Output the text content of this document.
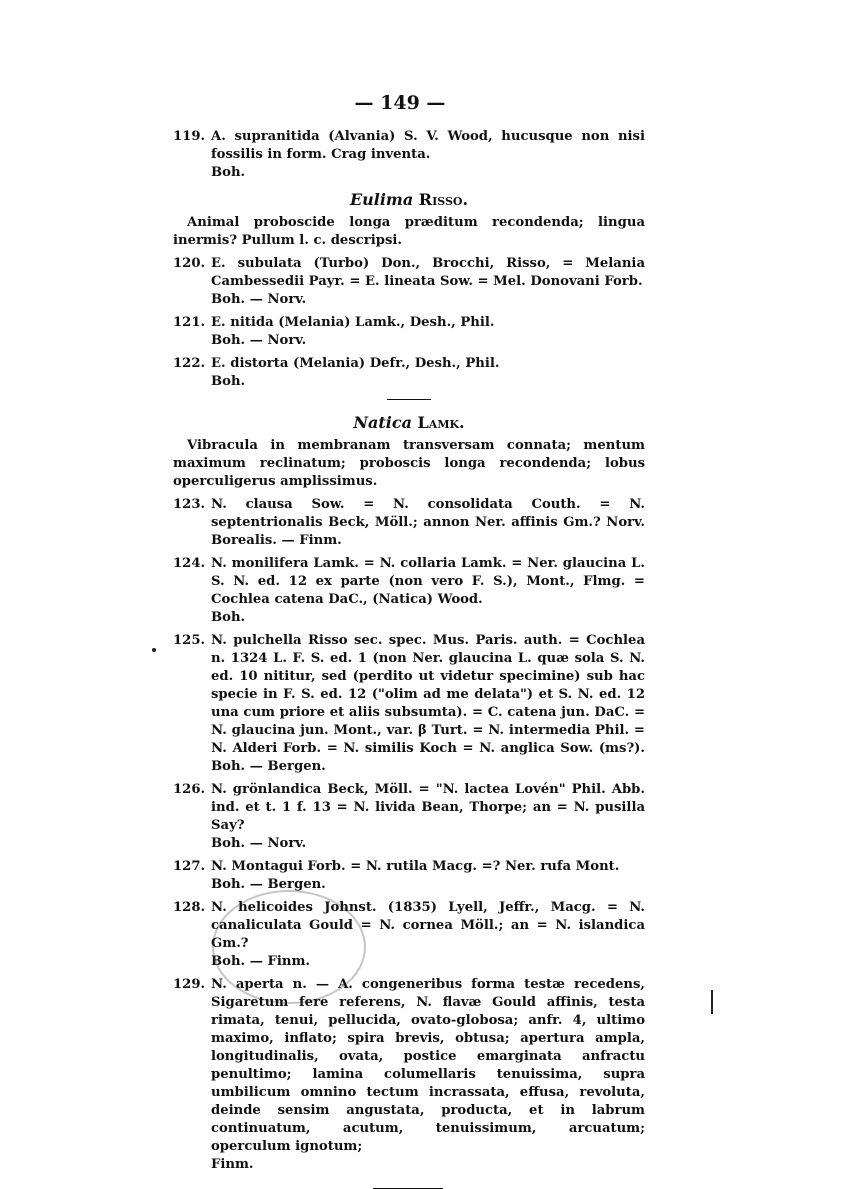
— 149 —
119. A. supranitida (Alvania) S. V. Wood, hucusque non nisi fossilis in form. Crag inventa.

Boh.

Eulima Risso.

Animal proboscide longa præditum recondenda; lingua inermis? Pullum l. c. descripsi.

120. E. subulata (Turbo) Don., Brocchi, Risso, = Melania Cambessedii Payr. = E. lineata Sow. = Mel. Donovani Forb.

Boh. — Norv.

121. E. nitida (Melania) Lamk., Desh., Phil.

Boh. — Norv.

122. E. distorta (Melania) Defr., Desh., Phil.

Boh.

Natica Lamk.

Vibracula in membranam transversam connata; mentum maximum reclinatum; proboscis longa recondenda; lobus operculigerus amplissimus.

123. N. clausa Sow. = N. consolidata Couth. = N. septentrionalis Beck, Möll.; annon Ner. affinis Gm.? Norv. Borealis. — Finm.

124. N. monilifera Lamk. = N. collaria Lamk. = Ner. glaucina L. S. N. ed. 12 ex parte (non vero F. S.), Mont., Flmg. = Cochlea catena DaC., (Natica) Wood.

Boh.

125. N. pulchella Risso sec. spec. Mus. Paris. auth. = Cochlea n. 1324 L. F. S. ed. 1 (non Ner. glaucina L. quæ sola S. N. ed. 10 nititur, sed (perdito ut videtur specimine) sub hac specie in F. S. ed. 12 ("olim ad me delata") et S. N. ed. 12 una cum priore et aliis subsumta). = C. catena jun. DaC. = N. glaucina jun. Mont., var. β Turt. = N. intermedia Phil. = N. Alderi Forb. = N. similis Koch = N. anglica Sow. (ms?). Boh. — Bergen.

126. N. grönlandica Beck, Möll. = "N. lactea Lovén" Phil. Abb. ind. et t. 1 f. 13 = N. livida Bean, Thorpe; an = N. pusilla Say?

Boh. — Norv.

127. N. Montagui Forb. = N. rutila Macg. =? Ner. rufa Mont.

Boh. — Bergen.

128. N. helicoides Johnst. (1835) Lyell, Jeffr., Macg. = N. canaliculata Gould = N. cornea Möll.; an = N. islandica Gm.?

Boh. — Finm.

129. N. aperta n. — A. congeneribus forma testæ recedens, Sigaretum fere referens, N. flavæ Gould affinis, testa rimata, tenui, pellucida, ovato-globosa; anfr. 4, ultimo maximo, inflato; spira brevis, obtusa; apertura ampla, longitudinalis, ovata, postice emarginata anfractu penultimo; lamina columellaris tenuissima, supra umbilicum omnino tectum incrassata, effusa, revoluta, deinde sensim angustata, producta, et in labrum continuatum, acutum, tenuissimum, arcuatum; operculum ignotum;

Finm.
